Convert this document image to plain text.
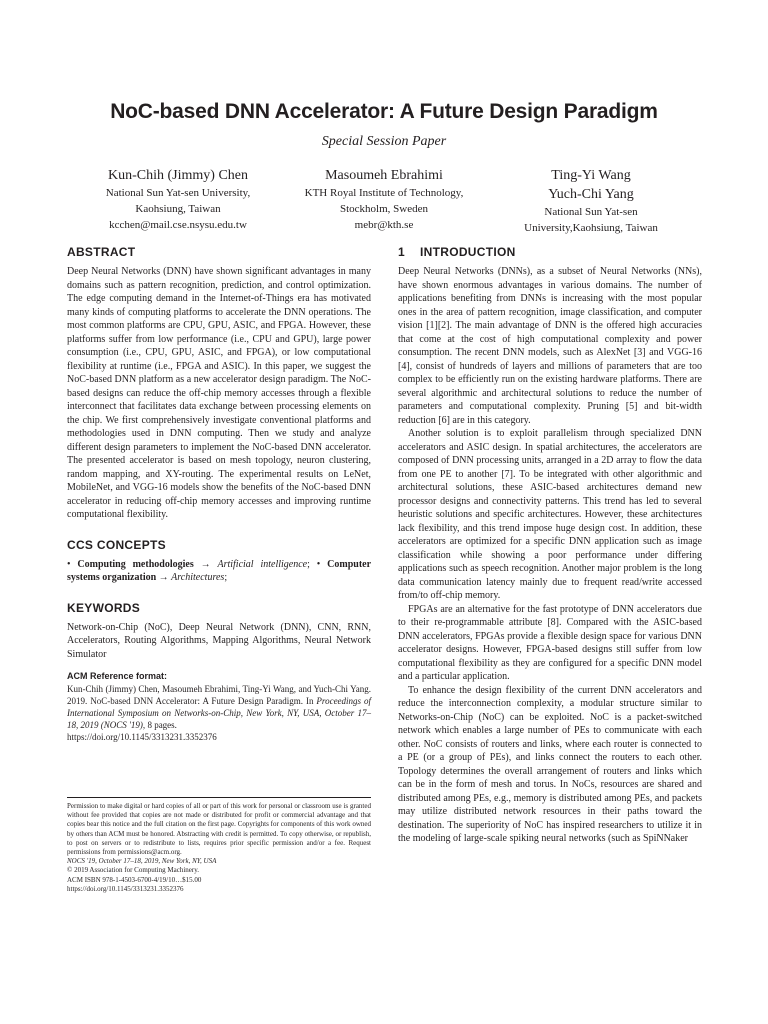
NoC-based DNN Accelerator: A Future Design Paradigm
Special Session Paper
Kun-Chih (Jimmy) Chen
National Sun Yat-sen University,
Kaohsiung, Taiwan
kcchen@mail.cse.nsysu.edu.tw
Masoumeh Ebrahimi
KTH Royal Institute of Technology,
Stockholm, Sweden
mebr@kth.se
Ting-Yi Wang
Yuch-Chi Yang
National Sun Yat-sen
University,Kaohsiung, Taiwan
ABSTRACT

Deep Neural Networks (DNN) have shown significant advantages in many domains such as pattern recognition, prediction, and control optimization. The edge computing demand in the Internet-of-Things era has motivated many kinds of computing platforms to accelerate the DNN operations. The most common platforms are CPU, GPU, ASIC, and FPGA. However, these platforms suffer from low performance (i.e., CPU and GPU), large power consumption (i.e., CPU, GPU, ASIC, and FPGA), or low computational flexibility at runtime (i.e., FPGA and ASIC). In this paper, we suggest the NoC-based DNN platform as a new accelerator design paradigm. The NoC-based designs can reduce the off-chip memory accesses through a flexible interconnect that facilitates data exchange between processing elements on the chip. We first comprehensively investigate conventional platforms and methodologies used in DNN computing. Then we study and analyze different design parameters to implement the NoC-based DNN accelerator. The presented accelerator is based on mesh topology, neuron clustering, random mapping, and XY-routing. The experimental results on LeNet, MobileNet, and VGG-16 models show the benefits of the NoC-based DNN accelerator in reducing off-chip memory accesses and improving runtime computational flexibility.

CCS CONCEPTS

• Computing methodologies → Artificial intelligence; • Computer systems organization → Architectures;

KEYWORDS

Network-on-Chip (NoC), Deep Neural Network (DNN), CNN, RNN, Accelerators, Routing Algorithms, Mapping Algorithms, Neural Network Simulator

ACM Reference format:

Kun-Chih (Jimmy) Chen, Masoumeh Ebrahimi, Ting-Yi Wang, and Yuch-Chi Yang. 2019. NoC-based DNN Accelerator: A Future Design Paradigm. In Proceedings of International Symposium on Networks-on-Chip, New York, NY, USA, October 17–18, 2019 (NOCS '19), 8 pages.
https://doi.org/10.1145/3313231.3352376

Permission to make digital or hard copies of all or part of this work for personal or classroom use is granted without fee provided that copies are not made or distributed for profit or commercial advantage and that copies bear this notice and the full citation on the first page. Copyrights for components of this work owned by others than ACM must be honored. Abstracting with credit is permitted. To copy otherwise, or republish, to post on servers or to redistribute to lists, requires prior specific permission and/or a fee. Request permissions from permissions@acm.org.
NOCS '19, October 17–18, 2019, New York, NY, USA
© 2019 Association for Computing Machinery.
ACM ISBN 978-1-4503-6700-4/19/10…$15.00
https://doi.org/10.1145/3313231.3352376
1	INTRODUCTION

Deep Neural Networks (DNNs), as a subset of Neural Networks (NNs), have shown enormous advantages in various domains. The number of applications benefiting from DNNs is increasing with the most popular ones in the area of pattern recognition, image classification, and computer vision [1][2]. The main advantage of DNN is the offered high accuracies that come at the cost of high computational complexity and power consumption. The recent DNN models, such as AlexNet [3] and VGG-16 [4], consist of hundreds of layers and millions of parameters that are too complex to be efficiently run on the existing hardware platforms. There are several algorithmic and architectural solutions to reduce the number of parameters and computational complexity. Pruning [5] and bit-width reduction [6] are in this category.

Another solution is to exploit parallelism through specialized DNN accelerators and ASIC design. In spatial architectures, the accelerators are composed of DNN processing units, arranged in a 2D array to flow the data from one PE to another [7]. To be integrated with other algorithmic and architectural solutions, these ASIC-based architectures demand new processor designs and connectivity patterns. This trend has led to several heuristic solutions and specific architectures. However, these architectures lack flexibility, and this trend impose huge design cost. In addition, these accelerators are optimized for a specific DNN application such as image classification while showing a poor performance under differing applications such as speech recognition. Another major problem is the long data communication latency mainly due to frequent read/write accessed from/to off-chip memory.

FPGAs are an alternative for the fast prototype of DNN accelerators due to their re-programmable attribute [8]. Compared with the ASIC-based DNN accelerators, FPGAs provide a flexible design space for various DNN accelerator designs. However, FPGA-based designs still suffer from low computational flexibility as they are configured for a specific DNN model and a particular application.

To enhance the design flexibility of the current DNN accelerators and reduce the interconnection complexity, a modular structure similar to Networks-on-Chip (NoC) can be exploited. NoC is a packet-switched network which enables a large number of PEs to communicate with each other. NoC consists of routers and links, where each router is connected to a PE (or a group of PEs), and links connect the routers to each other. Topology determines the overall arrangement of routers and links which can be in the form of mesh and torus. In NoCs, resources are shared and distributed among PEs, e.g., memory is distributed among PEs, and packets may utilize distributed network resources in their paths toward the destination. The superiority of NoC has inspired researchers to utilize it in the modeling of large-scale spiking neural networks (such as SpiNNaker
